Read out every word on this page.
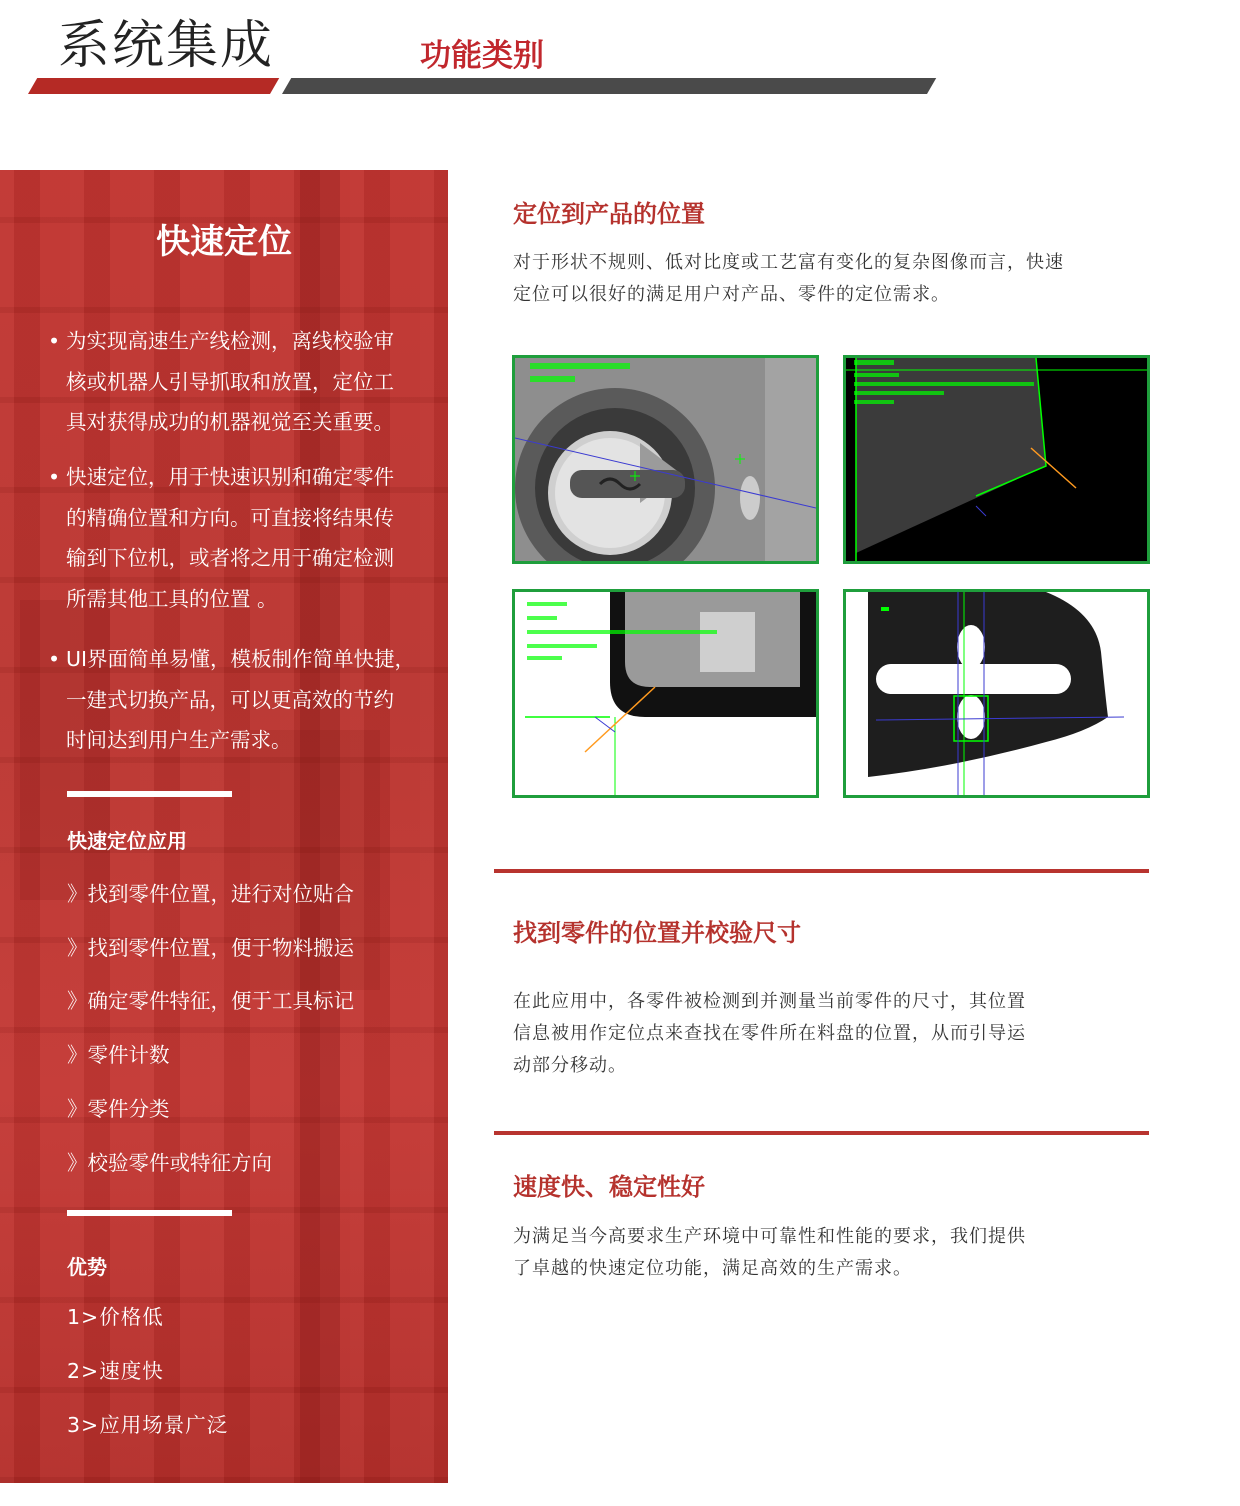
系统集成	功能类别
快速定位
• 为实现高速生产线检测，离线校验审
核或机器人引导抓取和放置，定位工
具对获得成功的机器视觉至关重要。
• 快速定位，用于快速识别和确定零件
的精确位置和方向。可直接将结果传
输到下位机，或者将之用于确定检测
所需其他工具的位置 。
• UI界面简单易懂，模板制作简单快捷，
一建式切换产品，可以更高效的节约
时间达到用户生产需求。
快速定位应用
》找到零件位置，进行对位贴合
》找到零件位置，便于物料搬运
》确定零件特征，便于工具标记
》零件计数
》零件分类
》校验零件或特征方向
优势
1>价格低
2>速度快
3>应用场景广泛
定位到产品的位置
对于形状不规则、低对比度或工艺富有变化的复杂图像而言，快速
定位可以很好的满足用户对产品、零件的定位需求。
找到零件的位置并校验尺寸
在此应用中，各零件被检测到并测量当前零件的尺寸，其位置
信息被用作定位点来查找在零件所在料盘的位置，从而引导运
动部分移动。
速度快、稳定性好
为满足当今高要求生产环境中可靠性和性能的要求，我们提供
了卓越的快速定位功能，满足高效的生产需求。
